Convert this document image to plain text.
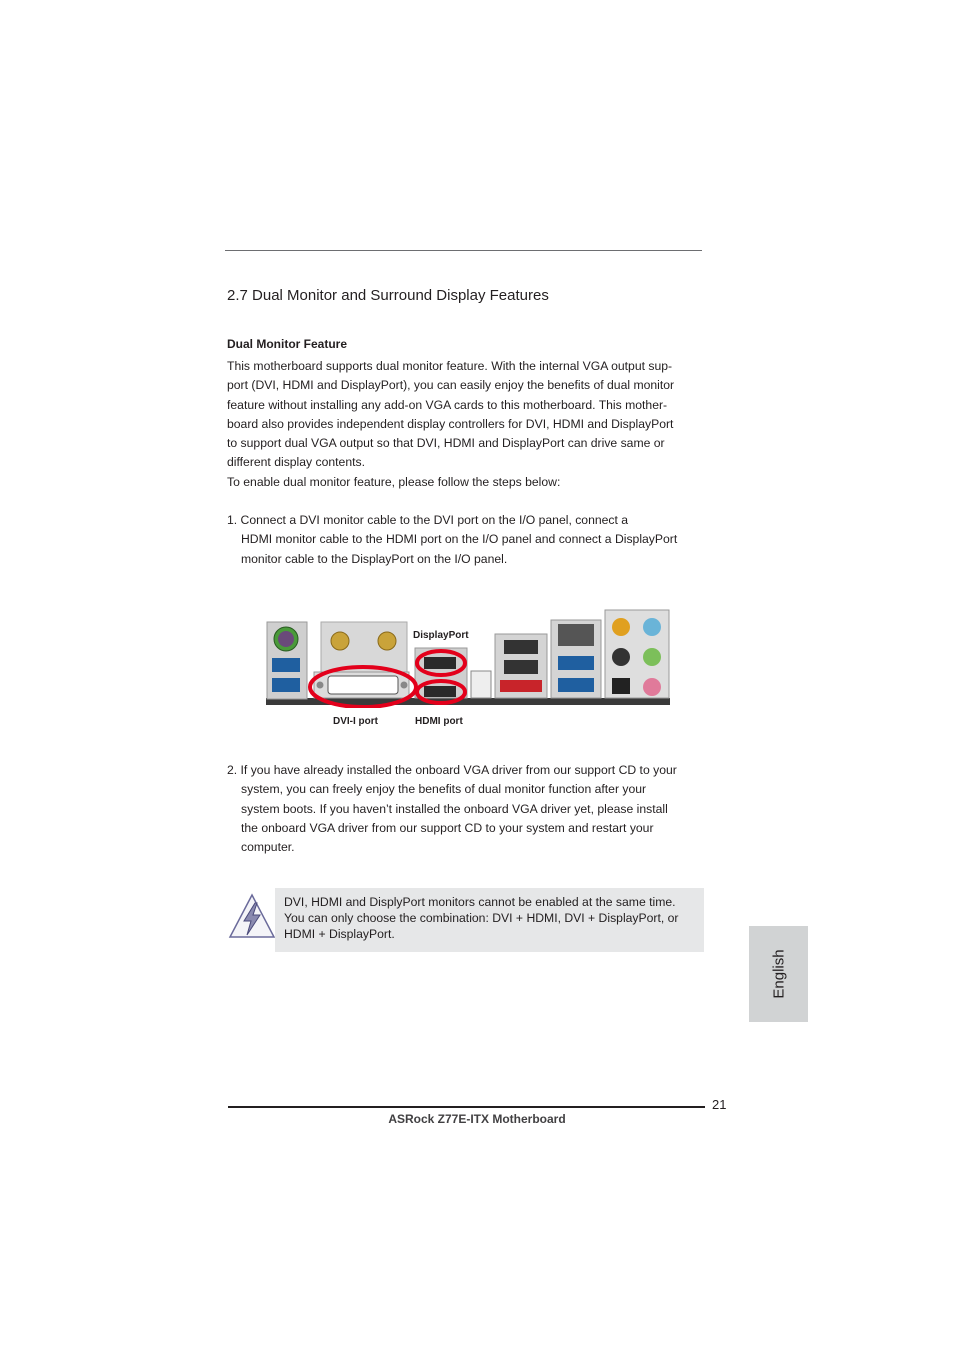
2.7 Dual Monitor and Surround Display Features
Dual Monitor Feature

This motherboard supports dual monitor feature. With the internal VGA output sup-

port (DVI, HDMI and DisplayPort), you can easily enjoy the benefits of dual monitor

feature without installing any add-on VGA cards to this motherboard. This mother-

board also provides independent display controllers for DVI, HDMI and DisplayPort

to support dual VGA output so that DVI, HDMI and DisplayPort can drive same or

different display contents.

To enable dual monitor feature, please follow the steps below:

1. Connect a DVI monitor cable to the DVI port on the I/O panel, connect a

HDMI monitor cable to the HDMI port on the I/O panel and connect a DisplayPort

monitor cable to the DisplayPort on the I/O panel.

DisplayPort
DVI-I port	HDMI port

2. If you have already installed the onboard VGA driver from our support CD to your

system, you can freely enjoy the benefits of dual monitor function after your

system boots. If you haven’t installed the onboard VGA driver yet, please install

the onboard VGA driver from our support CD to your system and restart your

computer.

DVI, HDMI and DisplyPort monitors cannot be enabled at the same time.

You can only choose the combination: DVI + HDMI, DVI + DisplayPort, or

HDMI + DisplayPort.

English
21
ASRock Z77E-ITX Motherboard
